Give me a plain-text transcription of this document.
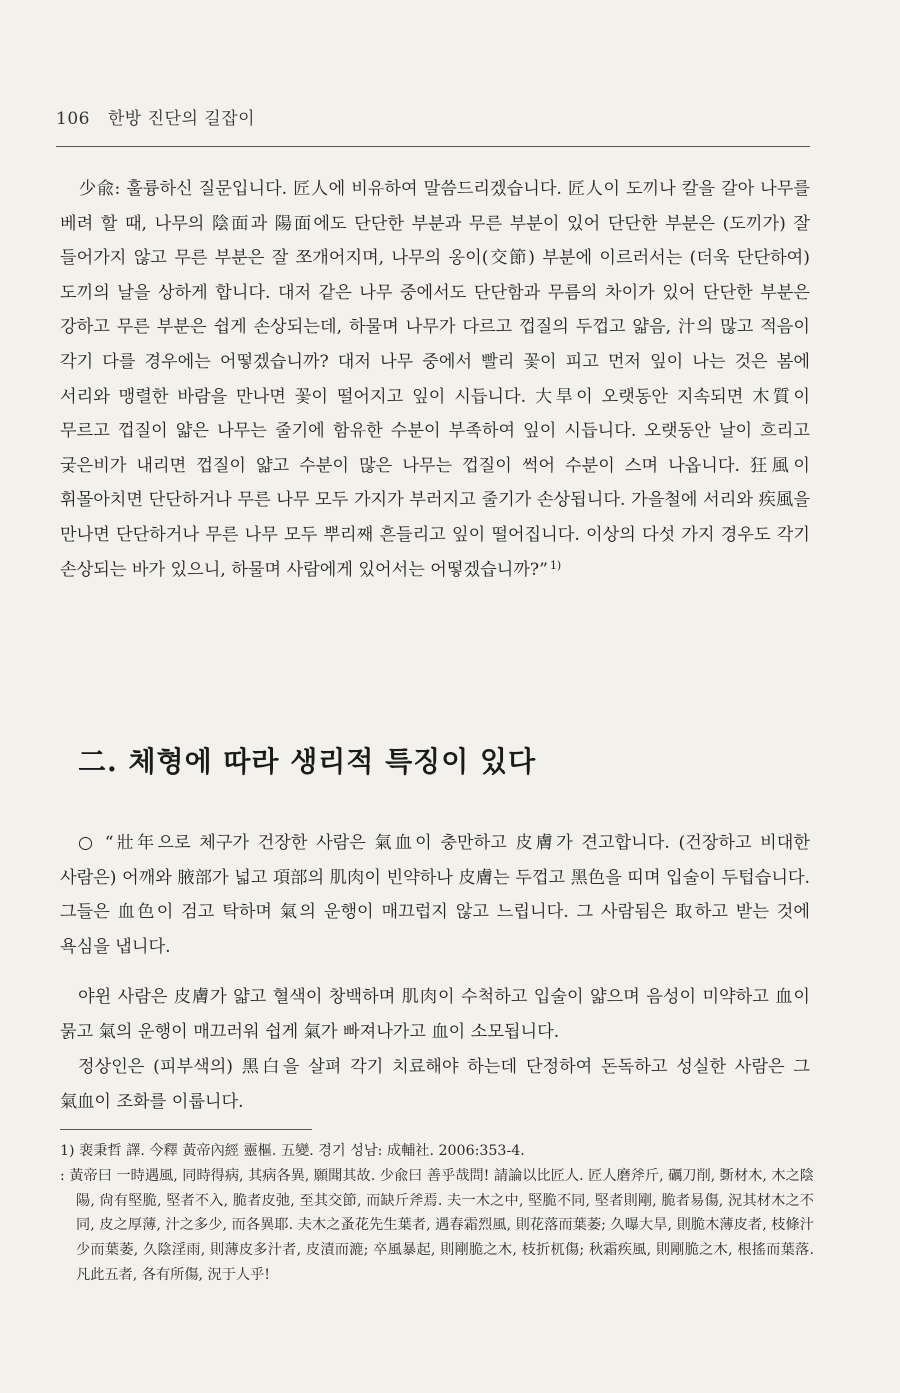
106 한방 진단의 길잡이
少兪: 훌륭하신 질문입니다. 匠人에 비유하여 말씀드리겠습니다. 匠人이 도끼나 칼을 갈아 나무를 베려 할 때, 나무의 陰面과 陽面에도 단단한 부분과 무른 부분이 있어 단단한 부분은 (도끼가) 잘 들어가지 않고 무른 부분은 잘 쪼개어지며, 나무의 옹이(交節) 부분에 이르러서는 (더욱 단단하여) 도끼의 날을 상하게 합니다. 대저 같은 나무 중에서도 단단함과 무름의 차이가 있어 단단한 부분은 강하고 무른 부분은 쉽게 손상되는데, 하물며 나무가 다르고 껍질의 두껍고 얇음, 汁의 많고 적음이 각기 다를 경우에는 어떻겠습니까? 대저 나무 중에서 빨리 꽃이 피고 먼저 잎이 나는 것은 봄에 서리와 맹렬한 바람을 만나면 꽃이 떨어지고 잎이 시듭니다. 大旱이 오랫동안 지속되면 木質이 무르고 껍질이 얇은 나무는 줄기에 함유한 수분이 부족하여 잎이 시듭니다. 오랫동안 날이 흐리고 궂은비가 내리면 껍질이 얇고 수분이 많은 나무는 껍질이 썩어 수분이 스며 나옵니다. 狂風이 휘몰아치면 단단하거나 무른 나무 모두 가지가 부러지고 줄기가 손상됩니다. 가을철에 서리와 疾風을 만나면 단단하거나 무른 나무 모두 뿌리째 흔들리고 잎이 떨어집니다. 이상의 다섯 가지 경우도 각기 손상되는 바가 있으니, 하물며 사람에게 있어서는 어떻겠습니까?” $^{1)}$
二. 체형에 따라 생리적 특징이 있다
○ “壯年으로 체구가 건장한 사람은 氣血이 충만하고 皮膚가 견고합니다. (건장하고 비대한 사람은) 어깨와 腋部가 넓고 項部의 肌肉이 빈약하나 皮膚는 두껍고 黑色을 띠며 입술이 두텁습니다. 그들은 血色이 검고 탁하며 氣의 운행이 매끄럽지 않고 느립니다. 그 사람됨은 取하고 받는 것에 욕심을 냅니다.
야윈 사람은 皮膚가 얇고 혈색이 창백하며 肌肉이 수척하고 입술이 얇으며 음성이 미약하고 血이 묽고 氣의 운행이 매끄러워 쉽게 氣가 빠져나가고 血이 소모됩니다.
정상인은 (피부색의) 黑白을 살펴 각기 치료해야 하는데 단정하여 돈독하고 성실한 사람은 그 氣血이 조화를 이룹니다.
1) 裵秉哲 譯. 今釋 黃帝內經 靈樞. 五變. 경기 성남: 成輔社. 2006:353-4.
: 黃帝曰 一時遇風, 同時得病, 其病各異, 願聞其故. 少兪曰 善乎哉問! 請論以比匠人. 匠人磨斧斤, 礪刀削, 斲材木, 木之陰陽, 尙有堅脆, 堅者不入, 脆者皮弛, 至其交節, 而缺斤斧焉. 夫一木之中, 堅脆不同, 堅者則剛, 脆者易傷, 況其材木之不同, 皮之厚薄, 汁之多少, 而各異耶. 夫木之蚤花先生葉者, 遇春霜烈風, 則花落而葉萎; 久曝大旱, 則脆木薄皮者, 枝條汁少而葉萎, 久陰淫雨, 則薄皮多汁者, 皮漬而漉; 卒風暴起, 則剛脆之木, 枝折杌傷; 秋霜疾風, 則剛脆之木, 根搖而葉落. 凡此五者, 各有所傷, 況于人乎!
